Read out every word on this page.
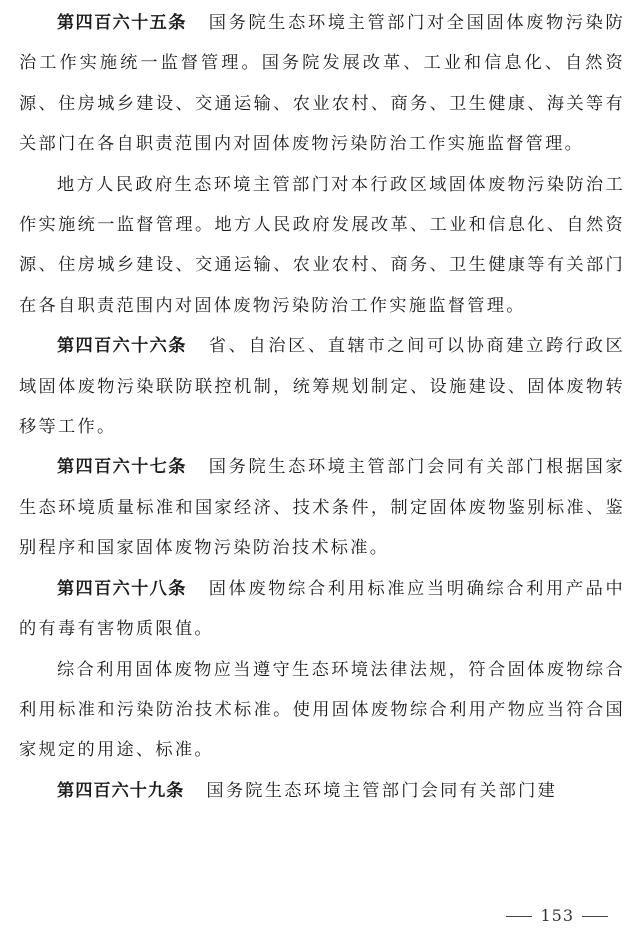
第四百六十五条 国务院生态环境主管部门对全国固体废物污染防治工作实施统一监督管理。国务院发展改革、工业和信息化、自然资源、住房城乡建设、交通运输、农业农村、商务、卫生健康、海关等有关部门在各自职责范围内对固体废物污染防治工作实施监督管理。

地方人民政府生态环境主管部门对本行政区域固体废物污染防治工作实施统一监督管理。地方人民政府发展改革、工业和信息化、自然资源、住房城乡建设、交通运输、农业农村、商务、卫生健康等有关部门在各自职责范围内对固体废物污染防治工作实施监督管理。

第四百六十六条 省、自治区、直辖市之间可以协商建立跨行政区域固体废物污染联防联控机制，统筹规划制定、设施建设、固体废物转移等工作。

第四百六十七条 国务院生态环境主管部门会同有关部门根据国家生态环境质量标准和国家经济、技术条件，制定固体废物鉴别标准、鉴别程序和国家固体废物污染防治技术标准。

第四百六十八条 固体废物综合利用标准应当明确综合利用产品中的有毒有害物质限值。

综合利用固体废物应当遵守生态环境法律法规，符合固体废物综合利用标准和污染防治技术标准。使用固体废物综合利用产物应当符合国家规定的用途、标准。

第四百六十九条 国务院生态环境主管部门会同有关部门建

153
